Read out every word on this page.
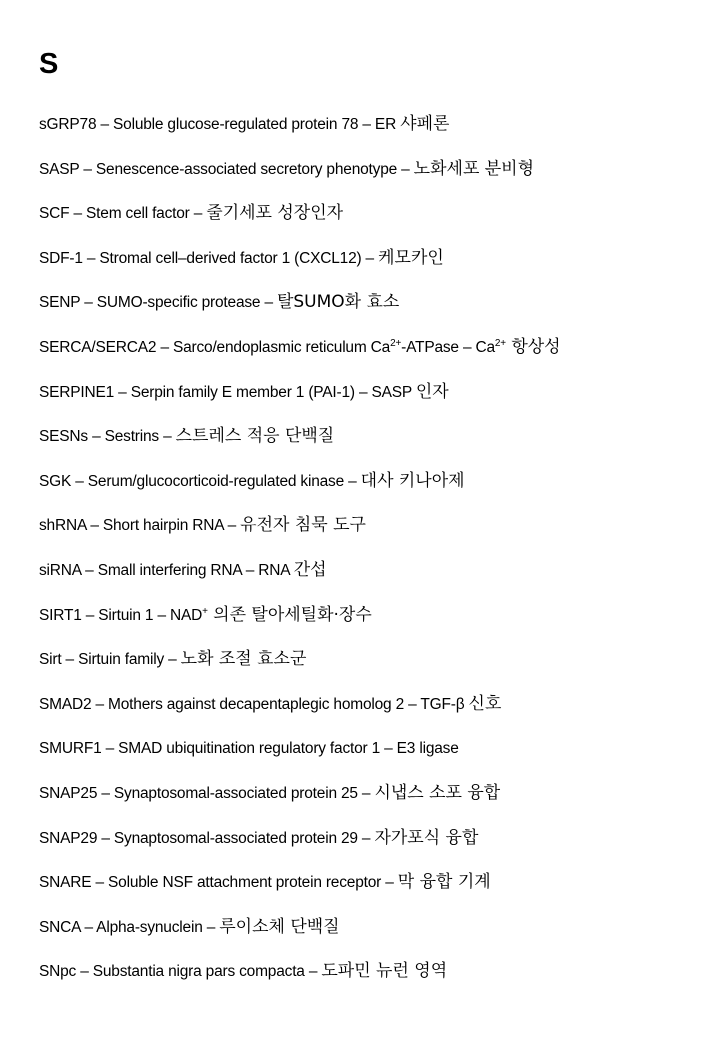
S
sGRP78 – Soluble glucose-regulated protein 78 – ER 샤페론
SASP – Senescence-associated secretory phenotype – 노화세포 분비형
SCF – Stem cell factor – 줄기세포 성장인자
SDF-1 – Stromal cell–derived factor 1 (CXCL12) – 케모카인
SENP – SUMO-specific protease – 탈SUMO화 효소
SERCA/SERCA2 – Sarco/endoplasmic reticulum $Ca^{2+}$-ATPase – $Ca^{2+}$ 항상성
SERPINE1 – Serpin family E member 1 (PAI-1) – SASP 인자
SESNs – Sestrins – 스트레스 적응 단백질
SGK – Serum/glucocorticoid-regulated kinase – 대사 키나아제
shRNA – Short hairpin RNA – 유전자 침묵 도구
siRNA – Small interfering RNA – RNA 간섭
SIRT1 – Sirtuin 1 – NAD+ 의존 탈아세틸화·장수
Sirt – Sirtuin family – 노화 조절 효소군
SMAD2 – Mothers against decapentaplegic homolog 2 – TGF-β 신호
SMURF1 – SMAD ubiquitination regulatory factor 1 – E3 ligase
SNAP25 – Synaptosomal-associated protein 25 – 시냅스 소포 융합
SNAP29 – Synaptosomal-associated protein 29 – 자가포식 융합
SNARE – Soluble NSF attachment protein receptor – 막 융합 기계
SNCA – Alpha-synuclein – 루이소체 단백질
SNpc – Substantia nigra pars compacta – 도파민 뉴런 영역
